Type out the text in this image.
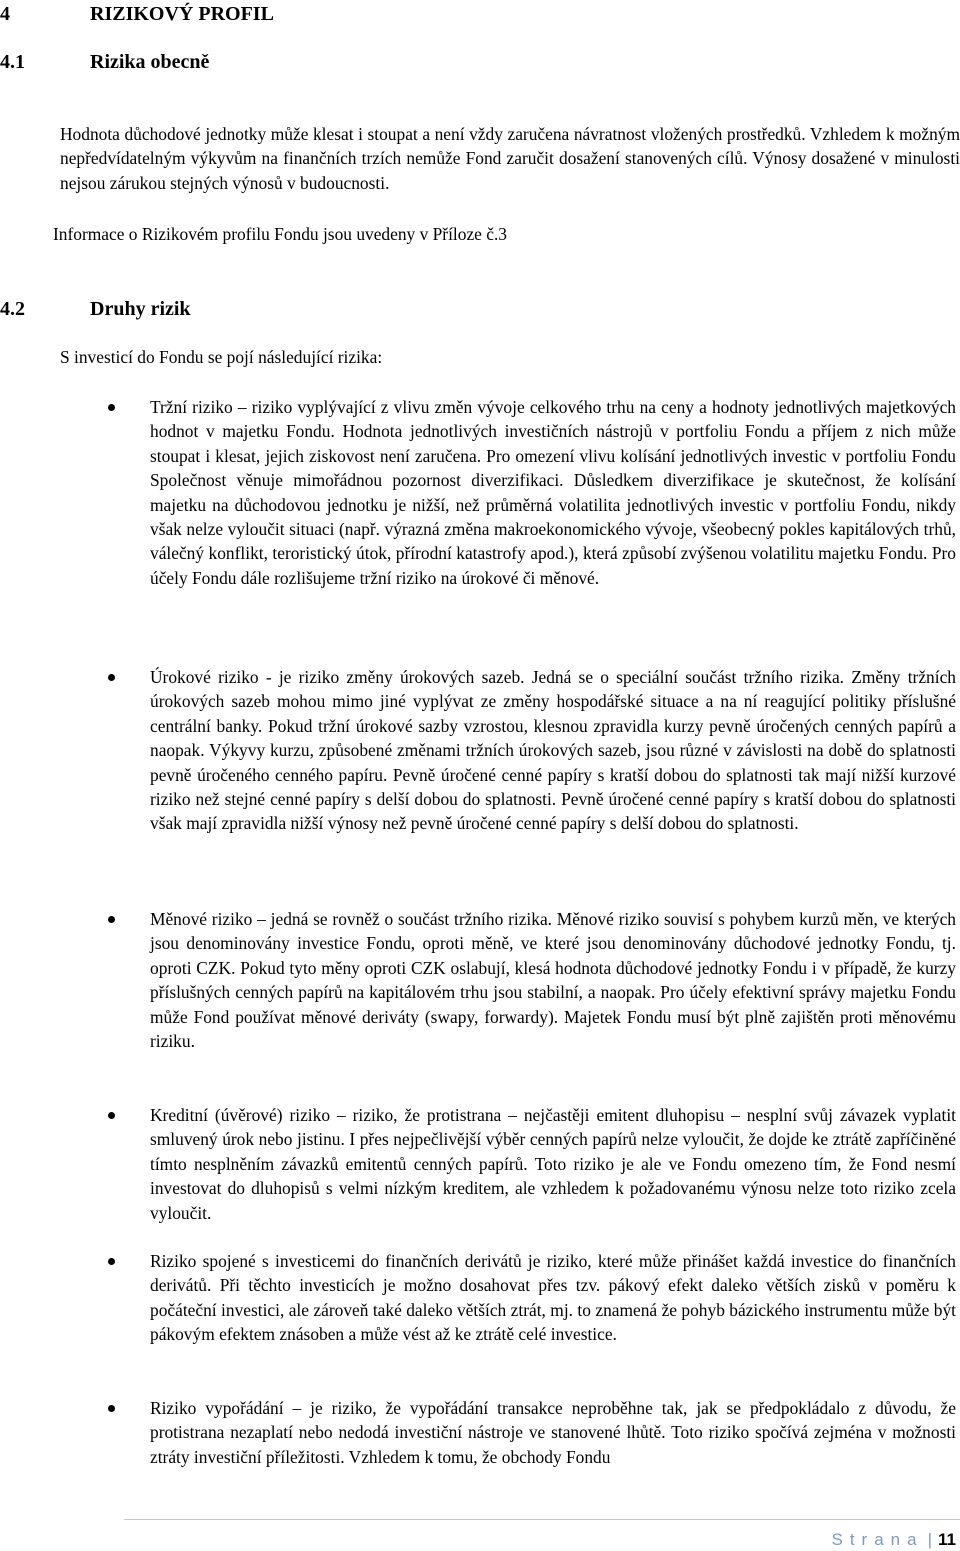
4	RIZIKOVÝ PROFIL
4.1	Rizika obecně

Hodnota důchodové jednotky může klesat i stoupat a není vždy zaručena návratnost vložených prostředků. Vzhledem k možným nepředvídatelným výkyvům na finančních trzích nemůže Fond zaručit dosažení stanovených cílů. Výnosy dosažené v minulosti nejsou zárukou stejných výnosů v budoucnosti.

Informace o Rizikovém profilu Fondu jsou uvedeny v Příloze č.3

4.2	Druhy rizik

S investicí do Fondu se pojí následující rizika:

Tržní riziko – riziko vyplývající z vlivu změn vývoje celkového trhu na ceny a hodnoty jednotlivých majetkových hodnot v majetku Fondu. Hodnota jednotlivých investičních nástrojů v portfoliu Fondu a příjem z nich může stoupat i klesat, jejich ziskovost není zaručena. Pro omezení vlivu kolísání jednotlivých investic v portfoliu Fondu Společnost věnuje mimořádnou pozornost diverzifikaci. Důsledkem diverzifikace je skutečnost, že kolísání majetku na důchodovou jednotku je nižší, než průměrná volatilita jednotlivých investic v portfoliu Fondu, nikdy však nelze vyloučit situaci (např. výrazná změna makroekonomického vývoje, všeobecný pokles kapitálových trhů, válečný konflikt, teroristický útok, přírodní katastrofy apod.), která způsobí zvýšenou volatilitu majetku Fondu. Pro účely Fondu dále rozlišujeme tržní riziko na úrokové či měnové.
Úrokové riziko - je riziko změny úrokových sazeb. Jedná se o speciální součást tržního rizika. Změny tržních úrokových sazeb mohou mimo jiné vyplývat ze změny hospodářské situace a na ní reagující politiky příslušné centrální banky. Pokud tržní úrokové sazby vzrostou, klesnou zpravidla kurzy pevně úročených cenných papírů a naopak. Výkyvy kurzu, způsobené změnami tržních úrokových sazeb, jsou různé v závislosti na době do splatnosti pevně úročeného cenného papíru. Pevně úročené cenné papíry s kratší dobou do splatnosti tak mají nižší kurzové riziko než stejné cenné papíry s delší dobou do splatnosti. Pevně úročené cenné papíry s kratší dobou do splatnosti však mají zpravidla nižší výnosy než pevně úročené cenné papíry s delší dobou do splatnosti.
Měnové riziko – jedná se rovněž o součást tržního rizika. Měnové riziko souvisí s pohybem kurzů měn, ve kterých jsou denominovány investice Fondu, oproti měně, ve které jsou denominovány důchodové jednotky Fondu, tj. oproti CZK. Pokud tyto měny oproti CZK oslabují, klesá hodnota důchodové jednotky Fondu i v případě, že kurzy příslušných cenných papírů na kapitálovém trhu jsou stabilní, a naopak. Pro účely efektivní správy majetku Fondu může Fond používat měnové deriváty (swapy, forwardy). Majetek Fondu musí být plně zajištěn proti měnovému riziku.
Kreditní (úvěrové) riziko – riziko, že protistrana – nejčastěji emitent dluhopisu – nesplní svůj závazek vyplatit smluvený úrok nebo jistinu. I přes nejpečlivější výběr cenných papírů nelze vyloučit, že dojde ke ztrátě zapříčiněné tímto nesplněním závazků emitentů cenných papírů. Toto riziko je ale ve Fondu omezeno tím, že Fond nesmí investovat do dluhopisů s velmi nízkým kreditem, ale vzhledem k požadovanému výnosu nelze toto riziko zcela vyloučit.
Riziko spojené s investicemi do finančních derivátů je riziko, které může přinášet každá investice do finančních derivátů. Při těchto investicích je možno dosahovat přes tzv. pákový efekt daleko větších zisků v poměru k počáteční investici, ale zároveň také daleko větších ztrát, mj. to znamená že pohyb bázického instrumentu může být pákovým efektem znásoben a může vést až ke ztrátě celé investice.
Riziko vypořádání – je riziko, že vypořádání transakce neproběhne tak, jak se předpokládalo z důvodu, že protistrana nezaplatí nebo nedodá investiční nástroje ve stanovené lhůtě. Toto riziko spočívá zejména v možnosti ztráty investiční příležitosti. Vzhledem k tomu, že obchody Fondu
Strana | 11
